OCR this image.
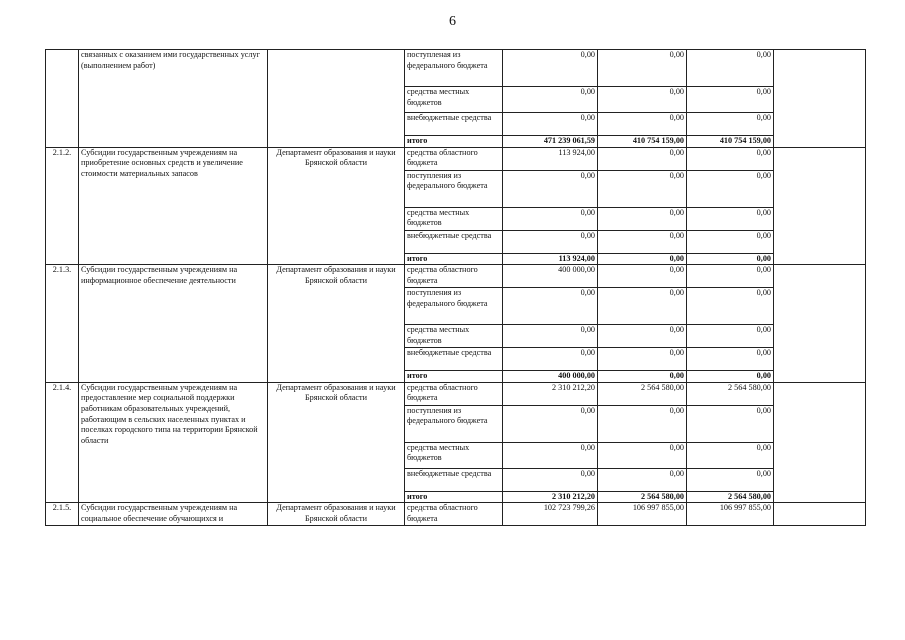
6
	связанных с оказанием ими государственных услуг (выполнением работ)		поступленая из федерального бюджета	0,00	0,00	0,00	
			средства местных бюджетов	0,00	0,00	0,00	
			внебюджетные средства	0,00	0,00	0,00	
			итого	471 239 061,59	410 754 159,00	410 754 159,00	
2.1.2.	Субсидии государственным учреждениям на приобретение основных средств и увеличение стоимости материальных запасов	Департамент образования и науки Брянской области	средства областного бюджета	113 924,00	0,00	0,00	
			поступления из федерального бюджета	0,00	0,00	0,00	
			средства местных бюджетов	0,00	0,00	0,00	
			внебюджетные средства	0,00	0,00	0,00	
			итого	113 924,00	0,00	0,00	
2.1.3.	Субсидии государственным учреждениям на информационное обеспечение деятельности	Департамент образования и науки Брянской области	средства областного бюджета	400 000,00	0,00	0,00	
			поступления из федерального бюджета	0,00	0,00	0,00	
			средства местных бюджетов	0,00	0,00	0,00	
			внебюджетные средства	0,00	0,00	0,00	
			итого	400 000,00	0,00	0,00	
2.1.4.	Субсидии государственным учреждениям на предоставление мер социальной поддержки работникам образовательных учреждений, работающим в сельских населенных пунктах и поселках городского типа на территории Брянской области	Департамент образования и науки Брянской области	средства областного бюджета	2 310 212,20	2 564 580,00	2 564 580,00	
			поступления из федерального бюджета	0,00	0,00	0,00	
			средства местных бюджетов	0,00	0,00	0,00	
			внебюджетные средства	0,00	0,00	0,00	
			итого	2 310 212,20	2 564 580,00	2 564 580,00	
2.1.5.	Субсидии государственным учреждениям на социальное обеспечение обучающихся и	Департамент образования и науки Брянской области	средства областного бюджета	102 723 799,26	106 997 855,00	106 997 855,00	
